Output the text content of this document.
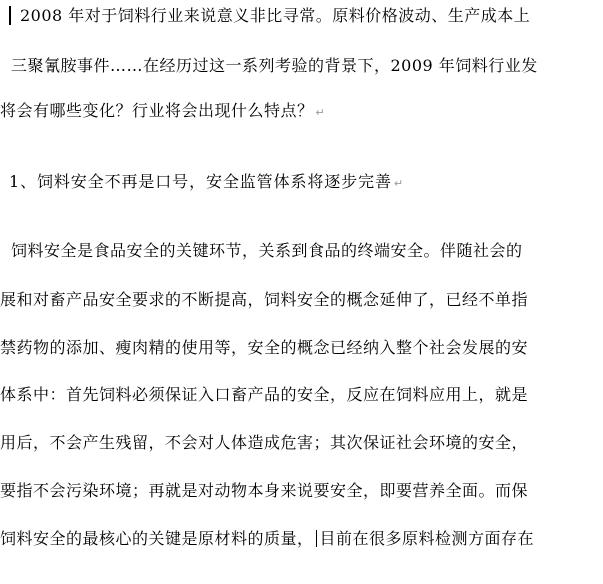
2008 年对于饲料行业来说意义非比寻常。原料价格波动、生产成本上
三聚氰胺事件……在经历过这一系列考验的背景下，2009 年饲料行业发
将会有哪些变化？行业将会出现什么特点？ ↵
1、饲料安全不再是口号，安全监管体系将逐步完善 ↵
饲料安全是食品安全的关键环节，关系到食品的终端安全。伴随社会的
展和对畜产品安全要求的不断提高，饲料安全的概念延伸了，已经不单指
禁药物的添加、瘦肉精的使用等，安全的概念已经纳入整个社会发展的安
体系中：首先饲料必须保证入口畜产品的安全，反应在饲料应用上，就是
用后，不会产生残留，不会对人体造成危害；其次保证社会环境的安全，
要指不会污染环境；再就是对动物本身来说要安全，即要营养全面。而保
饲料安全的最核心的关键是原材料的质量， 目前在很多原料检测方面存在
